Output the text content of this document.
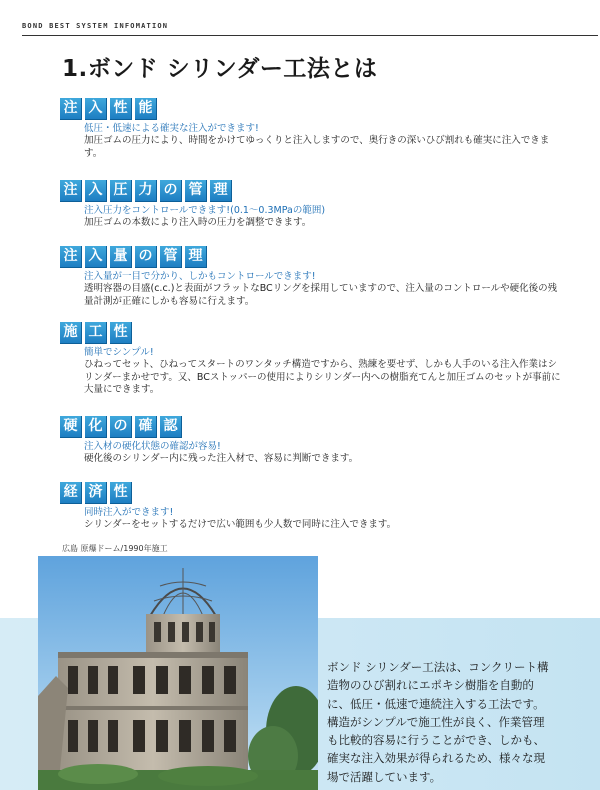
BOND BEST SYSTEM INFOMATION
1.ボンド シリンダー工法とは
注 入 性 能
低圧・低速による確実な注入ができます!
加圧ゴムの圧力により、時間をかけてゆっくりと注入しますので、奥行きの深いひび割れも確実に注入できます。
注 入 圧 力 の 管 理
注入圧力をコントロールできます!(0.1〜0.3MPaの範囲)
加圧ゴムの本数により注入時の圧力を調整できます。
注 入 量 の 管 理
注入量が一目で分かり、しかもコントロールできます!
透明容器の目盛(c.c.)と表面がフラットなBCリングを採用していますので、注入量のコントロールや硬化後の残量計測が正確にしかも容易に行えます。
施 工 性
簡単でシンプル!
ひねってセット、ひねってスタートのワンタッチ構造ですから、熟練を要せず、しかも人手のいる注入作業はシリンダーまかせです。又、BCストッパーの使用によりシリンダー内への樹脂充てんと加圧ゴムのセットが事前に大量にできます。
硬 化 の 確 認
注入材の硬化状態の確認が容易!
硬化後のシリンダー内に残った注入材で、容易に判断できます。
経 済 性
同時注入ができます!
シリンダーをセットするだけで広い範囲も少人数で同時に注入できます。
広島 原爆ドーム/1990年施工

ボンド シリンダー工法は、コンクリート構造物のひび割れにエポキシ樹脂を自動的に、低圧・低速で連続注入する工法です。構造がシンプルで施工性が良く、作業管理も比較的容易に行うことができ、しかも、確実な注入効果が得られるため、様々な現場で活躍しています。
